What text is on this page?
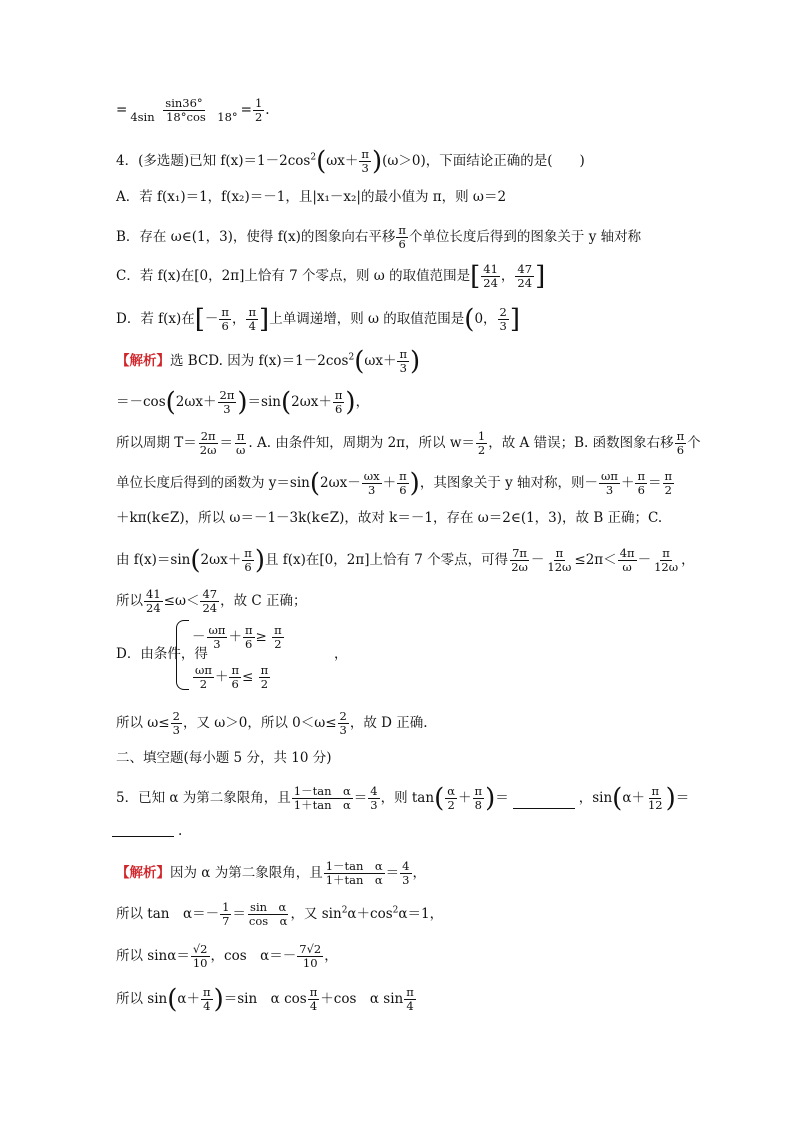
= $\frac{\sin 36^\circ}{4\sin 18^\circ\cos 18^\circ} = \frac{1}{2}$ .
4．(多选题)已知 $f(x)=1-2\cos^2(\omega x+ \frac{\pi}{3} )(\omega>0)$，下面结论正确的是(　　)
A．若 f(x₁)＝1，f(x₂)＝－1，且|x₁－x₂|的最小值为 π，则 ω＝2
B．存在 ω∈(1，3)，使得 f(x)的图象向右平移 $\frac{\pi}{6}$ 个单位长度后得到的图象关于 y 轴对称
C．若 f(x)在[0，2π]上恰有 7 个零点，则 ω 的取值范围是[ $\frac{41}{24}$ ， $\frac{47}{24}$ ]
D．若 f(x)在[－ $\frac{\pi}{6}$ ， $\frac{\pi}{4}$ ]上单调递增，则 ω 的取值范围是(0， $\frac{2}{3}$ ]
【解析】选 BCD. 因为 $f(x)=1-2\cos^2(\omega x+ \frac{\pi}{3}$ )
$=-\cos(2\omega x+ \frac{2\pi}{3} )=\sin(2\omega x+ \frac{\pi}{6}$ )，
所以周期 $T= \frac{2\pi}{2\omega} = \frac{\pi}{\omega}$ . A. 由条件知，周期为 2π，所以 $w= \frac{1}{2}$ ，故 A 错误；B. 函数图象右移 $\frac{\pi}{6}$ 个
单位长度后得到的函数为 $y=\sin(2\omega x- \frac{\omega x}{3} + \frac{\pi}{6}$ )，其图象关于 y 轴对称，则－ $\frac{\omega\pi}{3} + \frac{\pi}{6} = \frac{\pi}{2}$
＋kπ(k∈Z)，所以 ω＝－1－3k(k∈Z)，故对 k＝－1，存在 ω＝2∈(1，3)，故 B 正确；C.
由 $f(x)=\sin(2\omega x+ \frac{\pi}{6}$ )且 f(x)在[0，2π]上恰有 7 个零点，可得 $\frac{7\pi}{2\omega} - \frac{\pi}{12\omega} \le 2\pi< \frac{4\pi}{\omega} - \frac{\pi}{12\omega}$ ，
所以 $\frac{41}{24} \le\omega< \frac{47}{24}$ ，故 C 正确；
D．由条件，得
－ $\frac{\omega\pi}{3} + \frac{\pi}{6} \ge \frac{\pi}{2}$
$\frac{\omega\pi}{2} + \frac{\pi}{6} \le \frac{\pi}{2}$
，
所以 $\omega\le \frac{2}{3}$ ，又 ω＞0，所以 $0<\omega\le \frac{2}{3}$ ，故 D 正确.
二、填空题(每小题 5 分，共 10 分)
5．已知 α 为第二象限角，且 $\frac{\text{1－tan　α}}{\text{1＋tan　α}} = \frac{4}{3}$ ，则 $\tan( \frac{\alpha}{2} + \frac{\pi}{8}$ )＝	，$\sin(\alpha+ \frac{\pi}{12}$ )＝
.
【解析】因为 α 为第二象限角，且 $\frac{\text{1－tan　α}}{\text{1＋tan　α}} = \frac{4}{3}$ ，
所以 tan　$\alpha=- \frac{1}{7} = \frac{\text{sin　α}}{\text{cos　α}}$ ，又 $\sin^2\alpha+\cos^2\alpha=1$，
所以 $\sin\alpha= \frac{√2}{10}$ ，cos　$\alpha=- \frac{7√2}{10}$ ，
所以 $\sin(\alpha+ \frac{\pi}{4} )=\sin$　α $\cos \frac{\pi}{4} +\cos$　α $\sin \frac{\pi}{4}$
